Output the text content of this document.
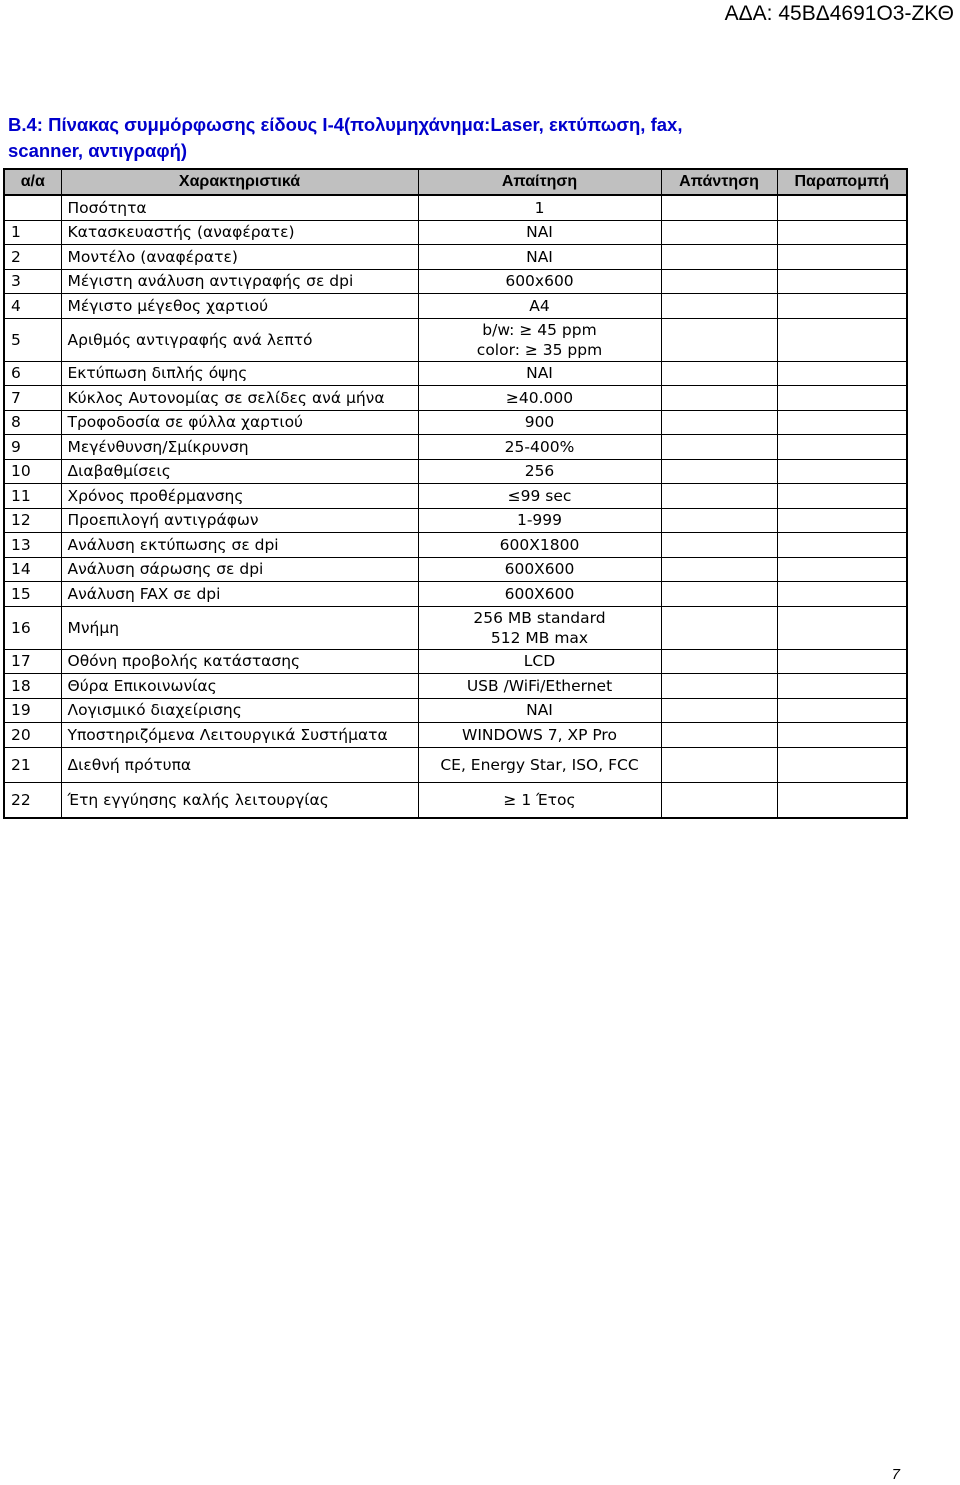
ΑΔΑ: 45ΒΔ4691Ο3-ΖΚΘ
Β.4: Πίνακας συμμόρφωσης είδους Ι-4(πολυμηχάνημα:Laser, εκτύπωση, fax,
scanner, αντιγραφή)
α/α	Χαρακτηριστικά	Απαίτηση	Απάντηση	Παραπομπή
	Ποσότητα	1		

1	Κατασκευαστής (αναφέρατε)	ΝΑΙ		

2	Μοντέλο (αναφέρατε)	ΝΑΙ		

3	Μέγιστη ανάλυση αντιγραφής σε dpi	600x600		

4	Μέγιστο μέγεθος χαρτιού	Α4		

5	Αριθμός αντιγραφής ανά λεπτό	b/w: ≥ 45 ppm
color: ≥ 35 ppm		

6	Εκτύπωση διπλής όψης	ΝΑΙ		

7	Κύκλος Αυτονομίας σε σελίδες ανά μήνα	≥40.000		

8	Τροφοδοσία σε φύλλα χαρτιού	900		

9	Μεγένθυνση/Σμίκρυνση	25-400%		

10	Διαβαθμίσεις	256		

11	Χρόνος προθέρμανσης	≤99 sec		

12	Προεπιλογή αντιγράφων	1-999		

13	Ανάλυση εκτύπωσης σε dpi	600X1800		

14	Ανάλυση σάρωσης σε dpi	600X600		

15	Ανάλυση FAX σε dpi	600X600		

16	Μνήμη	256 MB standard
512 MB max		

17	Οθόνη προβολής κατάστασης	LCD		

18	Θύρα Επικοινωνίας	USB /WiFi/Ethernet		

19	Λογισμικό διαχείρισης	ΝΑΙ		

20	Υποστηριζόμενα Λειτουργικά Συστήματα	WINDOWS 7, XP Pro		

21	Διεθνή πρότυπα	CE, Energy Star, ISO, FCC		

22	Έτη εγγύησης καλής λειτουργίας	≥ 1 Έτος		

7
